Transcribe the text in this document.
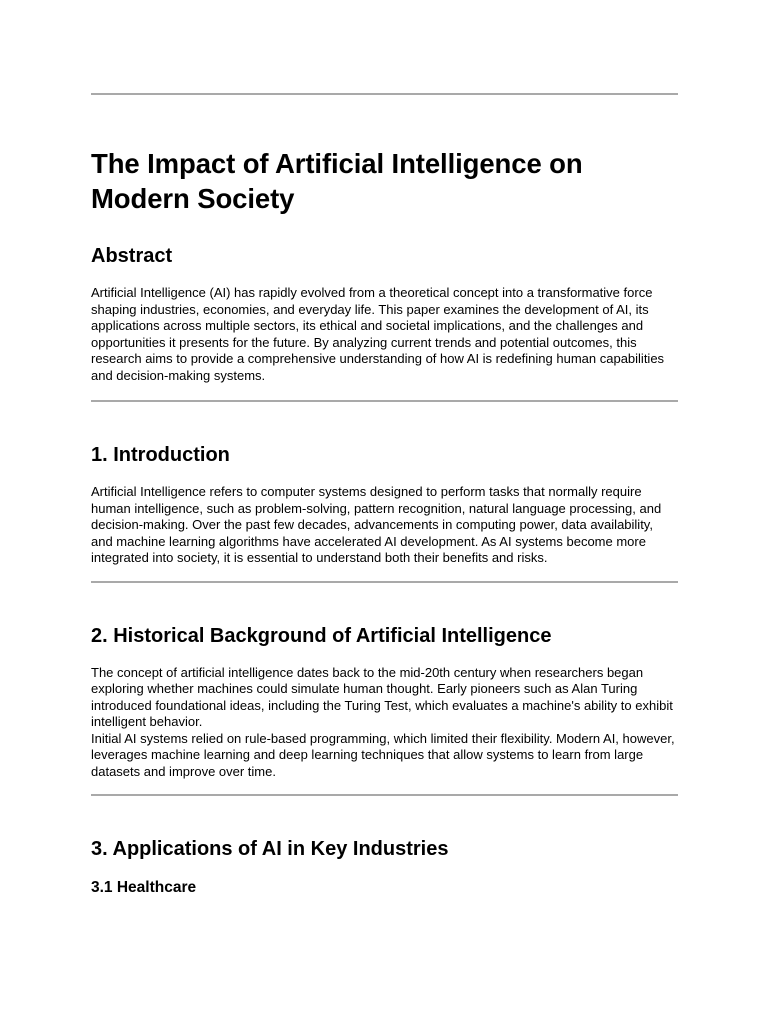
The Impact of Artificial Intelligence on Modern Society
Abstract

Artificial Intelligence (AI) has rapidly evolved from a theoretical concept into a transformative force shaping industries, economies, and everyday life. This paper examines the development of AI, its applications across multiple sectors, its ethical and societal implications, and the challenges and opportunities it presents for the future. By analyzing current trends and potential outcomes, this research aims to provide a comprehensive understanding of how AI is redefining human capabilities and decision-making systems.

1. Introduction

Artificial Intelligence refers to computer systems designed to perform tasks that normally require human intelligence, such as problem-solving, pattern recognition, natural language processing, and decision-making. Over the past few decades, advancements in computing power, data availability, and machine learning algorithms have accelerated AI development. As AI systems become more integrated into society, it is essential to understand both their benefits and risks.

2. Historical Background of Artificial Intelligence

The concept of artificial intelligence dates back to the mid-20th century when researchers began exploring whether machines could simulate human thought. Early pioneers such as Alan Turing introduced foundational ideas, including the Turing Test, which evaluates a machine's ability to exhibit intelligent behavior.

Initial AI systems relied on rule-based programming, which limited their flexibility. Modern AI, however, leverages machine learning and deep learning techniques that allow systems to learn from large datasets and improve over time.

3. Applications of AI in Key Industries
3.1 Healthcare
